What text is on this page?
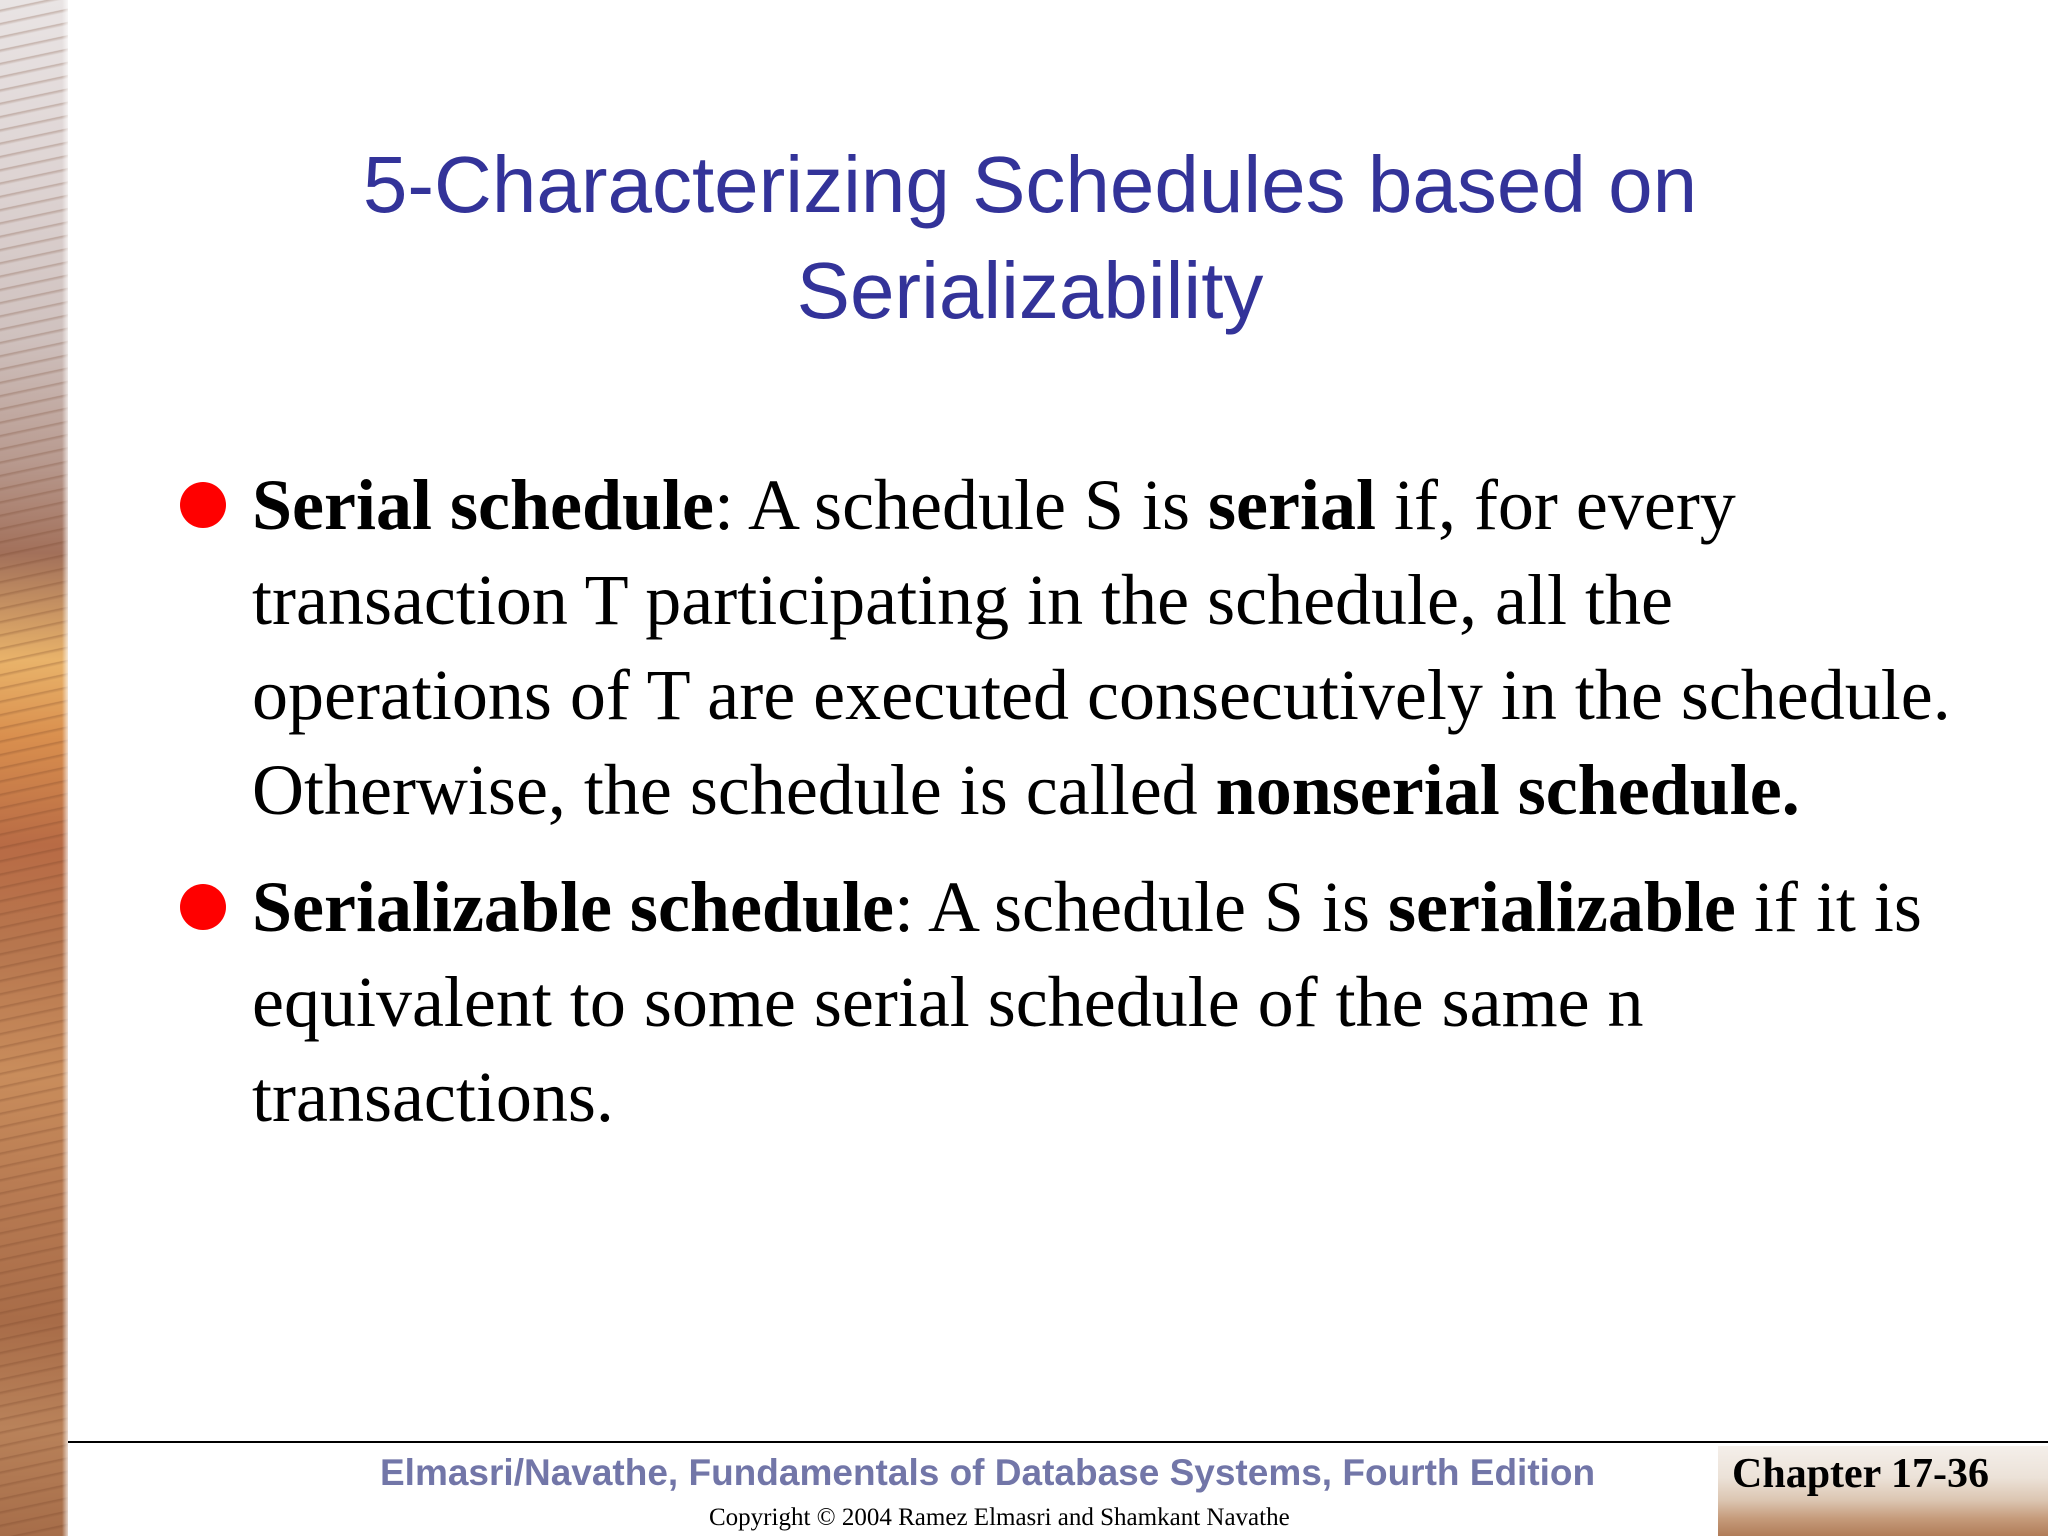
5-Characterizing Schedules based on
Serializability
Serial schedule: A schedule S is serial if, for every transaction T participating in the schedule, all the operations of T are executed consecutively in the schedule. Otherwise, the schedule is called nonserial schedule.
Serializable schedule: A schedule S is serializable if it is equivalent to some serial schedule of the same n transactions.
Elmasri/Navathe, Fundamentals of Database Systems, Fourth Edition	Chapter 17-36
Copyright © 2004 Ramez Elmasri and Shamkant Navathe
